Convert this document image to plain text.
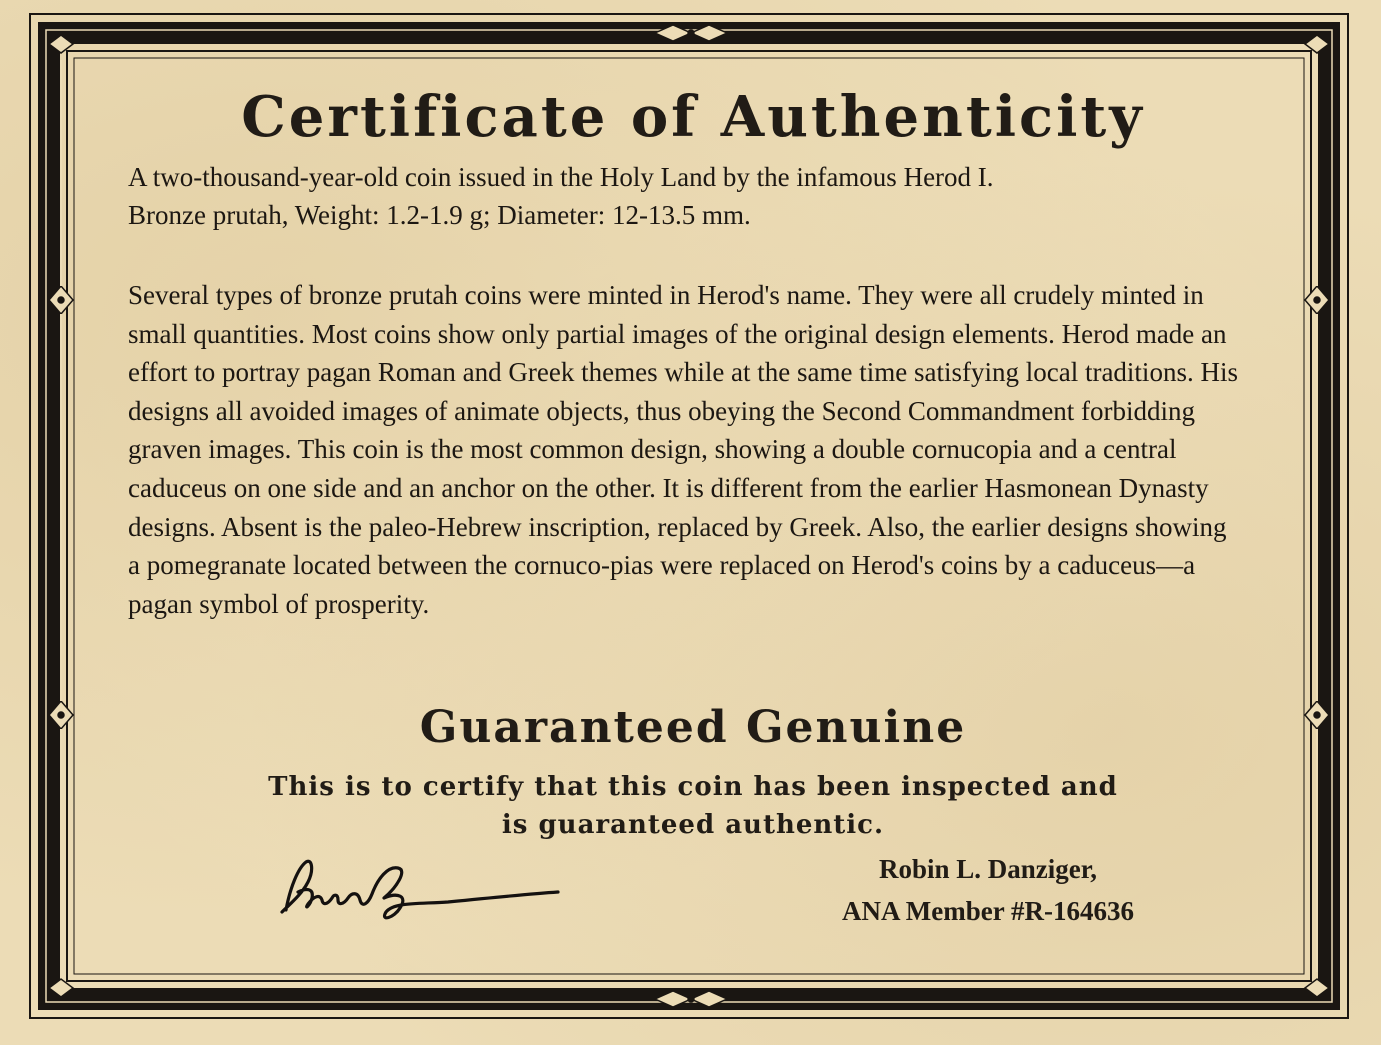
Certificate of Authenticity

A two-thousand-year-old coin issued in the Holy Land by the infamous Herod I.

Bronze prutah, Weight: 1.2-1.9 g; Diameter: 12-13.5 mm.

Several types of bronze prutah coins were minted in Herod's name. They were all crudely minted in small quantities. Most coins show only partial images of the original design elements. Herod made an effort to portray pagan Roman and Greek themes while at the same time satisfying local traditions. His designs all avoided images of animate objects, thus obeying the Second Commandment forbidding graven images. This coin is the most common design, showing a double cornucopia and a central caduceus on one side and an anchor on the other. It is different from the earlier Hasmonean Dynasty designs. Absent is the paleo-Hebrew inscription, replaced by Greek. Also, the earlier designs showing a pomegranate located between the cornuco-pias were replaced on Herod's coins by a caduceus—a pagan symbol of prosperity.

Guaranteed Genuine
This is to certify that this coin has been inspected and
is guaranteed authentic.
Robin L. Danziger,
ANA Member #R-164636
